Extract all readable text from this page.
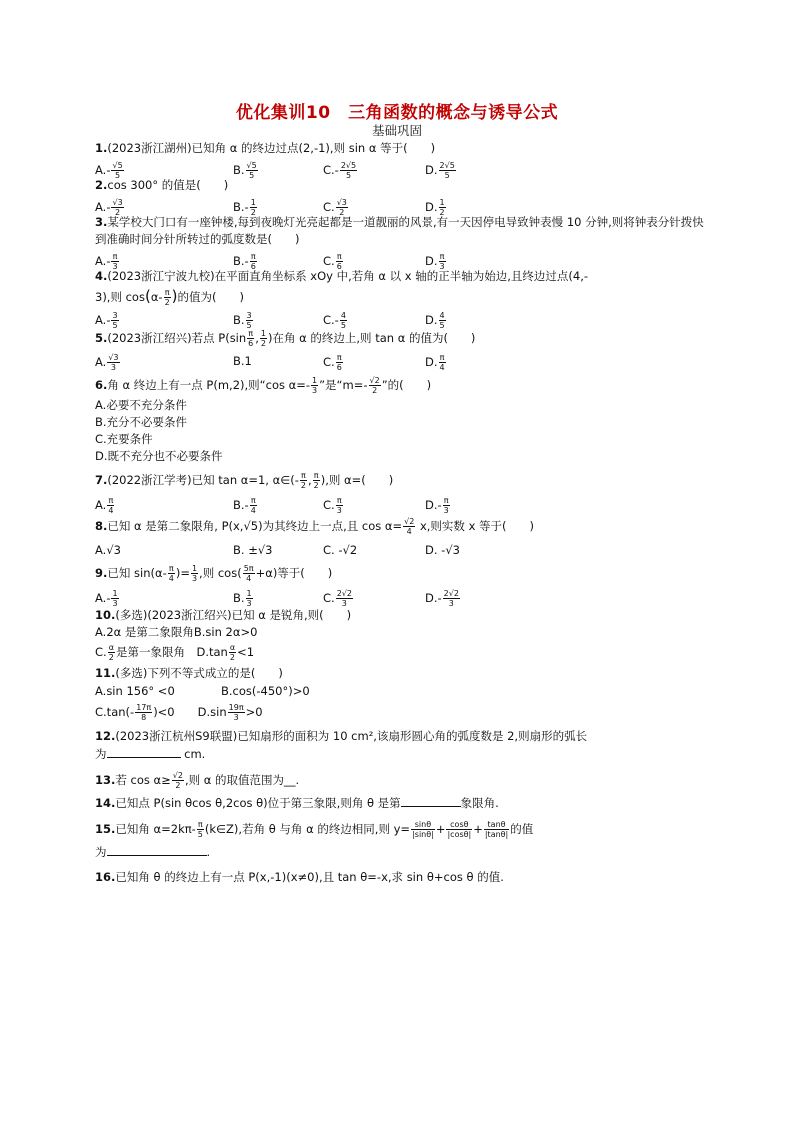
优化集训10　三角函数的概念与诱导公式
基础巩固
1.(2023浙江湖州)已知角 α 的终边过点(2,-1),则 sin α 等于(　　)
$A.- \frac{√5}{5}$	B. $\frac{√5}{5}$	$C.- \frac{2√5}{5}$	D. $\frac{2√5}{5}$
2.cos 300° 的值是(　　)
$A.- \frac{√3}{2}$	$B.- \frac{1}{2}$	C. $\frac{√3}{2}$	D. $\frac{1}{2}$
3.某学校大门口有一座钟楼,每到夜晚灯光亮起都是一道靓丽的风景,有一天因停电导致钟表慢 10 分钟,则将钟表分针拨快到准确时间分针所转过的弧度数是(　　)
$A.- \frac{\pi}{3}$	$B.- \frac{\pi}{6}$	C. $\frac{\pi}{6}$	D. $\frac{\pi}{3}$
4.(2023浙江宁波九校)在平面直角坐标系 xOy 中,若角 α 以 x 轴的正半轴为始边,且终边过点(4,-
3),则 $\cos(\alpha- \frac{\pi}{2}$ )的值为(　　)
$A.- \frac{3}{5}$	B. $\frac{3}{5}$	$C.- \frac{4}{5}$	D. $\frac{4}{5}$
5.(2023浙江绍兴)若点 $P(\sin \frac{\pi}{6}$ , $\frac{1}{2}$ )在角 α 的终边上,则 tan α 的值为(　　)
A. $\frac{√3}{3}$	B.1	C. $\frac{\pi}{6}$	D. $\frac{\pi}{4}$
6.角 α 终边上有一点 P(m,2),则“cos $\alpha=- \frac{1}{3}$ ”是“$m=- \frac{√2}{2}$ ”的(　　)
A.必要不充分条件
B.充分不必要条件
C.充要条件
D.既不充分也不必要条件
7.(2022浙江学考)已知 tan α=1, α∈(- $\frac{\pi}{2}$ , $\frac{\pi}{2}$ ),则 α=(　　)
A. $\frac{\pi}{4}$	$B.- \frac{\pi}{4}$	C. $\frac{\pi}{3}$	$D.- \frac{\pi}{3}$
8.已知 α 是第二象限角, P(x,√5)为其终边上一点,且 $\cos \alpha= \frac{√2}{4} x$,则实数 x 等于(　　)
A.√3	B. ±√3	C. -√2	D. -√3
9.已知 $\sin(\alpha- \frac{\pi}{4}$ )= $\frac{1}{3}$ ,则 $\cos( \frac{5\pi}{4} +\alpha)$等于(　　)
$A.- \frac{1}{3}$	B. $\frac{1}{3}$	C. $\frac{2√2}{3}$	$D.- \frac{2√2}{3}$
10.(多选)(2023浙江绍兴)已知 α 是锐角,则(　　)
A.2α 是第二象限角B.sin 2α>0
C. $\frac{\alpha}{2}$ 是第一象限角　 $D.\tan \frac{\alpha}{2} <1$
11.(多选)下列不等式成立的是(　　)
A.sin 156° <0	B.cos(-450°)>0
$C.\tan(- \frac{17\pi}{8} )<0$　　 $D.\sin \frac{19\pi}{3} >0$
12.(2023浙江杭州S9联盟)已知扇形的面积为 10 cm²,该扇形圆心角的弧度数是 2,则扇形的弧长
为	cm.
13.若 $\cos \alpha\ge \frac{√2}{2}$ ,则 α 的取值范围为__.
14.已知点 P(sin θcos θ,2cos θ)位于第三象限,则角 θ 是第	象限角.
15.已知角 $\alpha=2k\pi- \frac{\pi}{5}$ (k∈Z),若角 θ 与角 α 的终边相同,则 $y= \frac{\sin\theta}{|\sin\theta|} + \frac{\cos\theta}{|\cos\theta|} + \frac{\tan\theta}{|\tan\theta|}$ 的值
为	.
16.已知角 θ 的终边上有一点 P(x,-1)(x≠0),且 tan θ=-x,求 sin θ+cos θ 的值.
